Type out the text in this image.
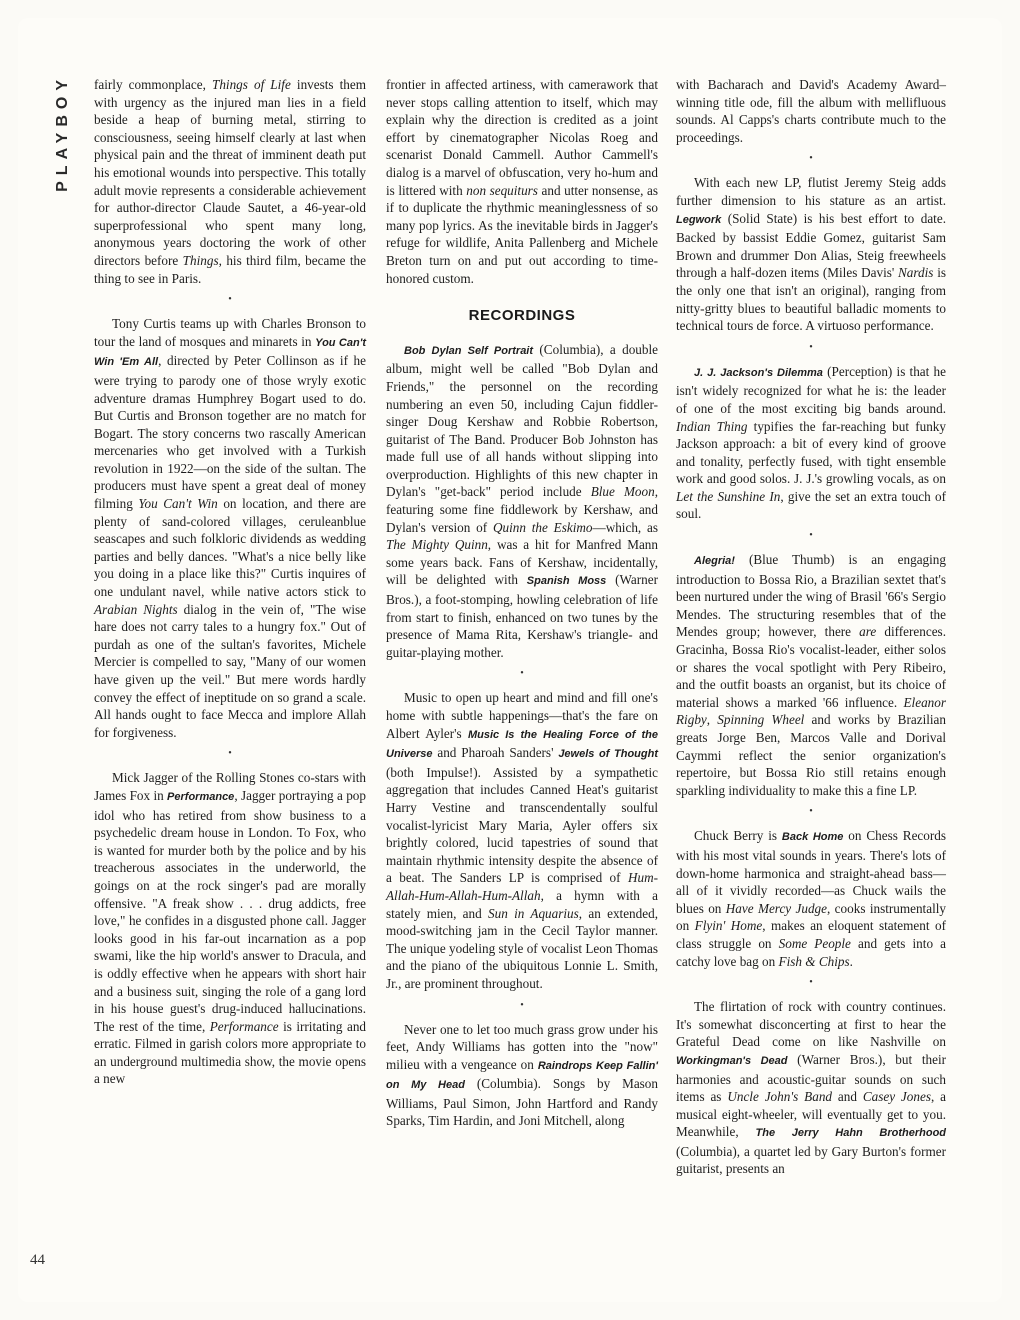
PLAYBOY
44

fairly commonplace, Things of Life invests them with urgency as the injured man lies in a field beside a heap of burning metal, stirring to consciousness, seeing himself clearly at last when physical pain and the threat of imminent death put his emotional wounds into perspective. This totally adult movie represents a considerable achievement for author-director Claude Sautet, a 46-year-old superprofessional who spent many long, anonymous years doctoring the work of other directors before Things, his third film, became the thing to see in Paris.

•

Tony Curtis teams up with Charles Bronson to tour the land of mosques and minarets in You Can't Win 'Em All, directed by Peter Collinson as if he were trying to parody one of those wryly exotic adventure dramas Humphrey Bogart used to do. But Curtis and Bronson together are no match for Bogart. The story concerns two rascally American mercenaries who get involved with a Turkish revolution in 1922—on the side of the sultan. The producers must have spent a great deal of money filming You Can't Win on location, and there are plenty of sand-colored villages, ceruleanblue seascapes and such folkloric dividends as wedding parties and belly dances. "What's a nice belly like you doing in a place like this?" Curtis inquires of one undulant navel, while native actors stick to Arabian Nights dialog in the vein of, "The wise hare does not carry tales to a hungry fox." Out of purdah as one of the sultan's favorites, Michele Mercier is compelled to say, "Many of our women have given up the veil." But mere words hardly convey the effect of ineptitude on so grand a scale. All hands ought to face Mecca and implore Allah for forgiveness.

•

Mick Jagger of the Rolling Stones co-stars with James Fox in Performance, Jagger portraying a pop idol who has retired from show business to a psychedelic dream house in London. To Fox, who is wanted for murder both by the police and by his treacherous associates in the underworld, the goings on at the rock singer's pad are morally offensive. "A freak show . . . drug addicts, free love," he confides in a disgusted phone call. Jagger looks good in his far-out incarnation as a pop swami, like the hip world's answer to Dracula, and is oddly effective when he appears with short hair and a business suit, singing the role of a gang lord in his house guest's drug-induced hallucinations. The rest of the time, Performance is irritating and erratic. Filmed in garish colors more appropriate to an underground multimedia show, the movie opens a new

frontier in affected artiness, with camerawork that never stops calling attention to itself, which may explain why the direction is credited as a joint effort by cinematographer Nicolas Roeg and scenarist Donald Cammell. Author Cammell's dialog is a marvel of obfuscation, very ho-hum and is littered with non sequiturs and utter nonsense, as if to duplicate the rhythmic meaninglessness of so many pop lyrics. As the inevitable birds in Jagger's refuge for wildlife, Anita Pallenberg and Michele Breton turn on and put out according to time-honored custom.

RECORDINGS

Bob Dylan Self Portrait (Columbia), a double album, might well be called "Bob Dylan and Friends," the personnel on the recording numbering an even 50, including Cajun fiddler-singer Doug Kershaw and Robbie Robertson, guitarist of The Band. Producer Bob Johnston has made full use of all hands without slipping into overproduction. Highlights of this new chapter in Dylan's "get-back" period include Blue Moon, featuring some fine fiddlework by Kershaw, and Dylan's version of Quinn the Eskimo—which, as The Mighty Quinn, was a hit for Manfred Mann some years back. Fans of Kershaw, incidentally, will be delighted with Spanish Moss (Warner Bros.), a foot-stomping, howling celebration of life from start to finish, enhanced on two tunes by the presence of Mama Rita, Kershaw's triangle- and guitar-playing mother.

•

Music to open up heart and mind and fill one's home with subtle happenings—that's the fare on Albert Ayler's Music Is the Healing Force of the Universe and Pharoah Sanders' Jewels of Thought (both Impulse!). Assisted by a sympathetic aggregation that includes Canned Heat's guitarist Harry Vestine and transcendentally soulful vocalist-lyricist Mary Maria, Ayler offers six brightly colored, lucid tapestries of sound that maintain rhythmic intensity despite the absence of a beat. The Sanders LP is comprised of Hum-Allah-Hum-Allah-Hum-Allah, a hymn with a stately mien, and Sun in Aquarius, an extended, mood-switching jam in the Cecil Taylor manner. The unique yodeling style of vocalist Leon Thomas and the piano of the ubiquitous Lonnie L. Smith, Jr., are prominent throughout.

•

Never one to let too much grass grow under his feet, Andy Williams has gotten into the "now" milieu with a vengeance on Raindrops Keep Fallin' on My Head (Columbia). Songs by Mason Williams, Paul Simon, John Hartford and Randy Sparks, Tim Hardin, and Joni Mitchell, along

with Bacharach and David's Academy Award–winning title ode, fill the album with mellifluous sounds. Al Capps's charts contribute much to the proceedings.

•

With each new LP, flutist Jeremy Steig adds further dimension to his stature as an artist. Legwork (Solid State) is his best effort to date. Backed by bassist Eddie Gomez, guitarist Sam Brown and drummer Don Alias, Steig freewheels through a half-dozen items (Miles Davis' Nardis is the only one that isn't an original), ranging from nitty-gritty blues to beautiful balladic moments to technical tours de force. A virtuoso performance.

•

J. J. Jackson's Dilemma (Perception) is that he isn't widely recognized for what he is: the leader of one of the most exciting big bands around. Indian Thing typifies the far-reaching but funky Jackson approach: a bit of every kind of groove and tonality, perfectly fused, with tight ensemble work and good solos. J. J.'s growling vocals, as on Let the Sunshine In, give the set an extra touch of soul.

•

Alegria! (Blue Thumb) is an engaging introduction to Bossa Rio, a Brazilian sextet that's been nurtured under the wing of Brasil '66's Sergio Mendes. The structuring resembles that of the Mendes group; however, there are differences. Gracinha, Bossa Rio's vocalist-leader, either solos or shares the vocal spotlight with Pery Ribeiro, and the outfit boasts an organist, but its choice of material shows a marked '66 influence. Eleanor Rigby, Spinning Wheel and works by Brazilian greats Jorge Ben, Marcos Valle and Dorival Caymmi reflect the senior organization's repertoire, but Bossa Rio still retains enough sparkling individuality to make this a fine LP.

•

Chuck Berry is Back Home on Chess Records with his most vital sounds in years. There's lots of down-home harmonica and straight-ahead bass—all of it vividly recorded—as Chuck wails the blues on Have Mercy Judge, cooks instrumentally on Flyin' Home, makes an eloquent statement of class struggle on Some People and gets into a catchy love bag on Fish & Chips.

•

The flirtation of rock with country continues. It's somewhat disconcerting at first to hear the Grateful Dead come on like Nashville on Workingman's Dead (Warner Bros.), but their harmonies and acoustic-guitar sounds on such items as Uncle John's Band and Casey Jones, a musical eight-wheeler, will eventually get to you. Meanwhile, The Jerry Hahn Brotherhood (Columbia), a quartet led by Gary Burton's former guitarist, presents an
